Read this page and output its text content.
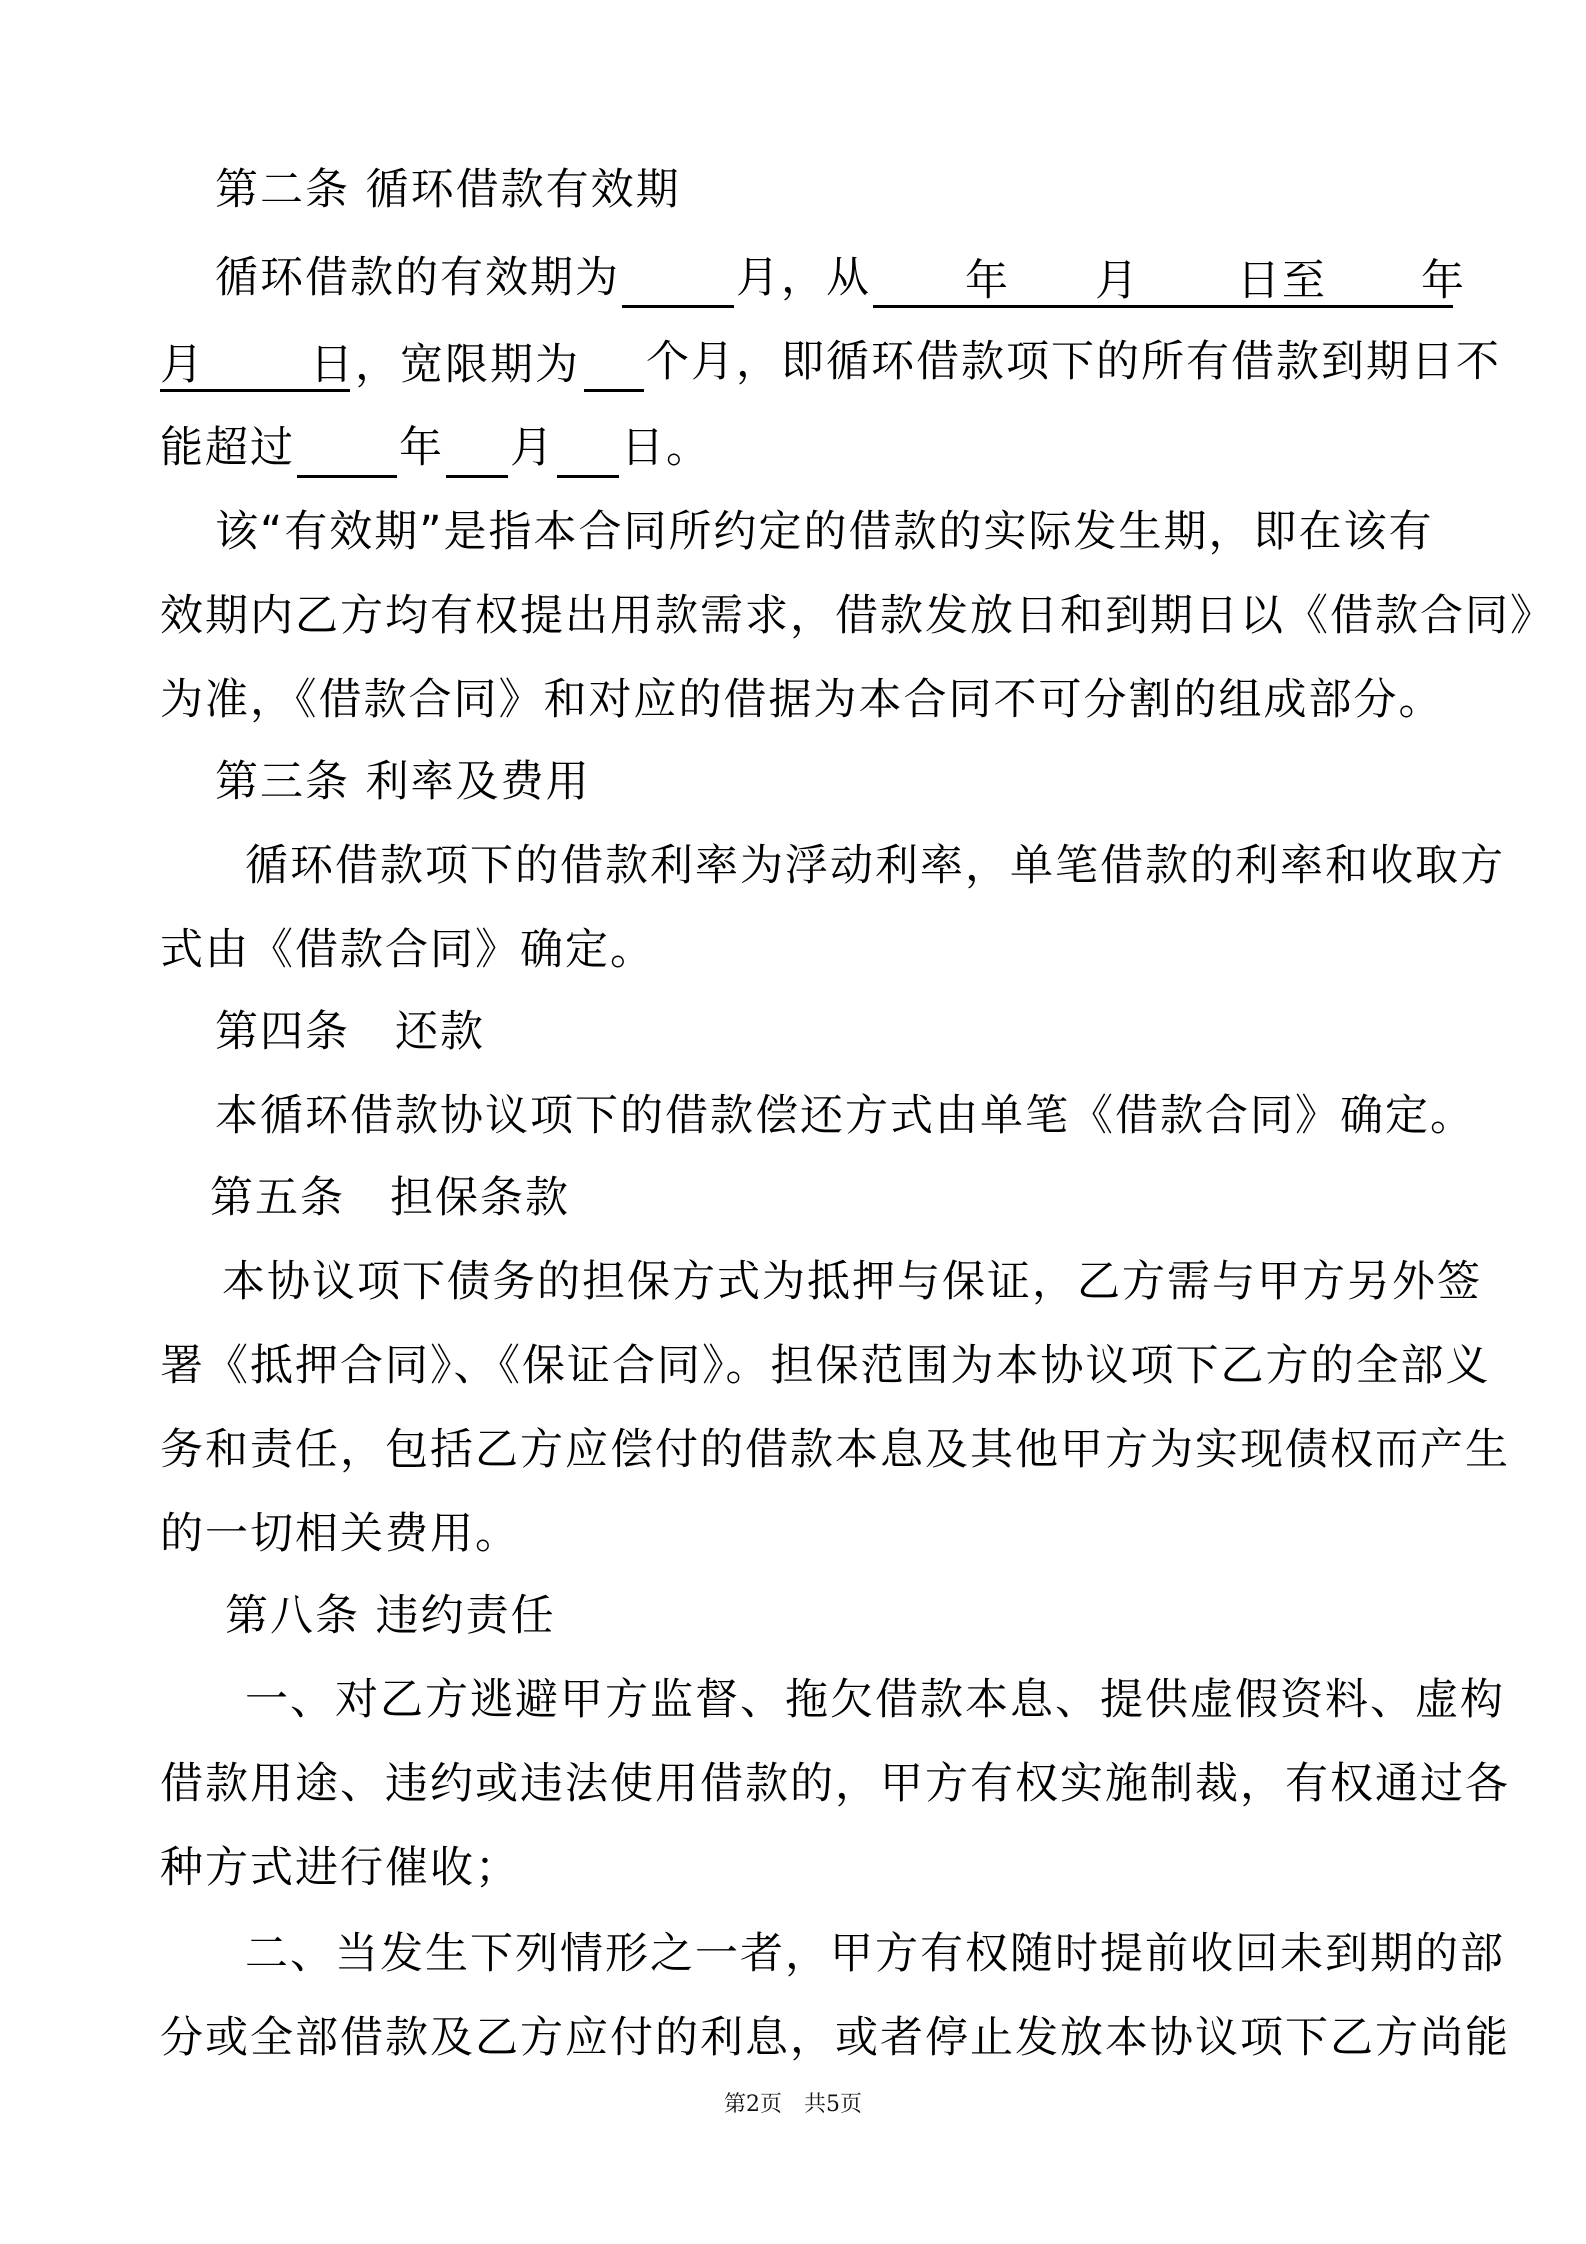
第二条 循环借款有效期
循环借款的有效期为	月，从 年 月 日至 年
月 日，宽限期为 个月，即循环借款项下的所有借款到期日不
能超过 年 月 日。
该“有效期”是指本合同所约定的借款的实际发生期，即在该有
效期内乙方均有权提出用款需求，借款发放日和到期日以《借款合同》
为准，《借款合同》和对应的借据为本合同不可分割的组成部分。
第三条 利率及费用
循环借款项下的借款利率为浮动利率，单笔借款的利率和收取方
式由《借款合同》确定。
第四条　还款
本循环借款协议项下的借款偿还方式由单笔《借款合同》确定。
第五条　担保条款
本协议项下债务的担保方式为抵押与保证，乙方需与甲方另外签
署《抵押合同》、《保证合同》。担保范围为本协议项下乙方的全部义
务和责任，包括乙方应偿付的借款本息及其他甲方为实现债权而产生
的一切相关费用。
第八条 违约责任
一、对乙方逃避甲方监督、拖欠借款本息、提供虚假资料、虚构
借款用途、违约或违法使用借款的，甲方有权实施制裁，有权通过各
种方式进行催收；
二、当发生下列情形之一者，甲方有权随时提前收回未到期的部
分或全部借款及乙方应付的利息，或者停止发放本协议项下乙方尚能
第2页　共5页
